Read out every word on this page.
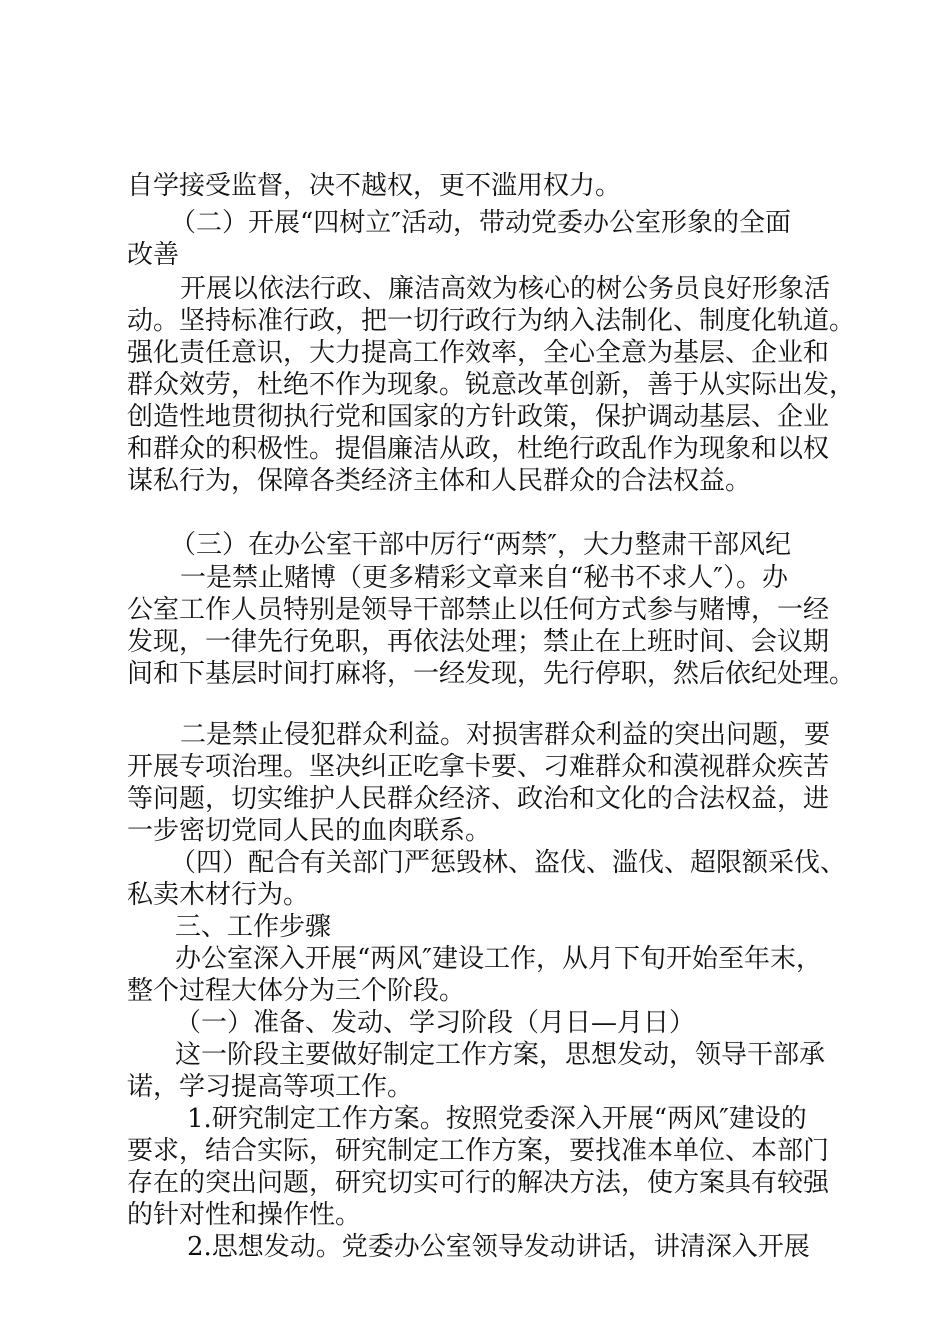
自学接受监督，决不越权，更不滥用权力。

（二）开展“四树立″活动，带动党委办公室形象的全面

改善

开展以依法行政、廉洁高效为核心的树公务员良好形象活

动。坚持标准行政，把一切行政行为纳入法制化、制度化轨道。

强化责任意识，大力提高工作效率，全心全意为基层、企业和

群众效劳，杜绝不作为现象。锐意改革创新，善于从实际出发，

创造性地贯彻执行党和国家的方针政策，保护调动基层、企业

和群众的积极性。提倡廉洁从政，杜绝行政乱作为现象和以权

谋私行为，保障各类经济主体和人民群众的合法权益。

（三）在办公室干部中厉行“两禁″，大力整肃干部风纪

一是禁止赌博（更多精彩文章来自“秘书不求人″）。办

公室工作人员特别是领导干部禁止以任何方式参与赌博，一经

发现，一律先行免职，再依法处理；禁止在上班时间、会议期

间和下基层时间打麻将，一经发现，先行停职，然后依纪处理。

二是禁止侵犯群众利益。对损害群众利益的突出问题，要

开展专项治理。坚决纠正吃拿卡要、刁难群众和漠视群众疾苦

等问题，切实维护人民群众经济、政治和文化的合法权益，进

一步密切党同人民的血肉联系。

（四）配合有关部门严惩毁林、盗伐、滥伐、超限额采伐、

私卖木材行为。

三、工作步骤

办公室深入开展“两风″建设工作，从月下旬开始至年末，

整个过程大体分为三个阶段。

（一）准备、发动、学习阶段（月日—月日）

这一阶段主要做好制定工作方案，思想发动，领导干部承

诺，学习提高等项工作。

1.研究制定工作方案。按照党委深入开展“两风″建设的

要求，结合实际，研究制定工作方案，要找准本单位、本部门

存在的突出问题，研究切实可行的解决方法，使方案具有较强

的针对性和操作性。

2.思想发动。党委办公室领导发动讲话，讲清深入开展
